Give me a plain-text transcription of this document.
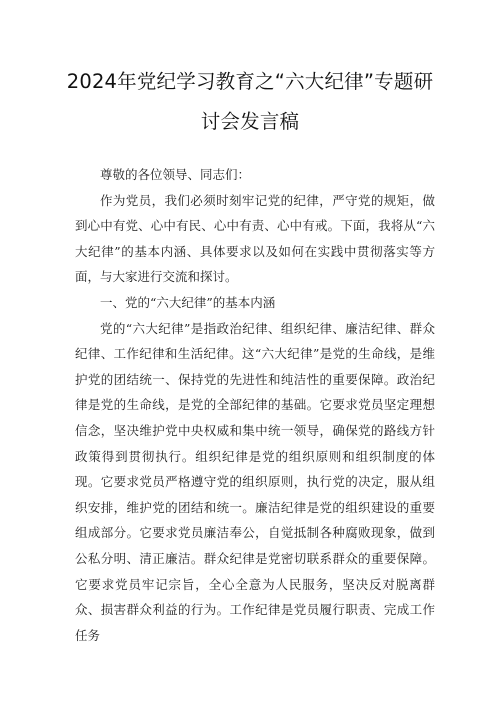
2024年党纪学习教育之“六大纪律”专题研
讨会发言稿

尊敬的各位领导、同志们：

作为党员，我们必须时刻牢记党的纪律，严守党的规矩，做到心中有党、心中有民、心中有责、心中有戒。下面，我将从“六大纪律”的基本内涵、具体要求以及如何在实践中贯彻落实等方面，与大家进行交流和探讨。

一、党的“六大纪律”的基本内涵

党的“六大纪律”是指政治纪律、组织纪律、廉洁纪律、群众纪律、工作纪律和生活纪律。这“六大纪律”是党的生命线，是维护党的团结统一、保持党的先进性和纯洁性的重要保障。政治纪律是党的生命线，是党的全部纪律的基础。它要求党员坚定理想信念，坚决维护党中央权威和集中统一领导，确保党的路线方针政策得到贯彻执行。组织纪律是党的组织原则和组织制度的体现。它要求党员严格遵守党的组织原则，执行党的决定，服从组织安排，维护党的团结和统一。廉洁纪律是党的组织建设的重要组成部分。它要求党员廉洁奉公，自觉抵制各种腐败现象，做到公私分明、清正廉洁。群众纪律是党密切联系群众的重要保障。它要求党员牢记宗旨，全心全意为人民服务，坚决反对脱离群众、损害群众利益的行为。工作纪律是党员履行职责、完成工作任务
